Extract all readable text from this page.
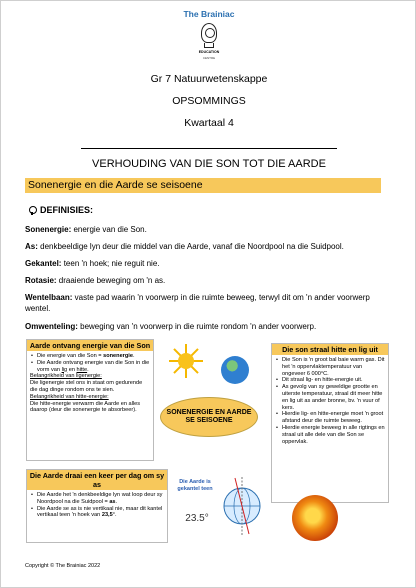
The Brainiac
EDUCATION
CENTRE
Gr 7 Natuurwetenskappe
OPSOMMINGS
Kwartaal 4
VERHOUDING VAN DIE SON TOT DIE AARDE
Sonenergie en die Aarde se seisoene
DEFINISIES:
Sonenergie: energie van die Son.
As: denkbeeldige lyn deur die middel van die Aarde, vanaf die Noordpool na die Suidpool.
Gekantel: teen 'n hoek; nie reguit nie.
Rotasie: draaiende beweging om 'n as.
Wentelbaan: vaste pad waarin 'n voorwerp in die ruimte beweeg, terwyl dit om 'n ander voorwerp wentel.
Omwenteling: beweging van 'n voorwerp in die ruimte rondom 'n ander voorwerp.
Aarde ontvang energie van die Son
• Die energie van die Son = sonenergie.
• Die Aarde ontvang energie van die Son in die vorm van lig en hitte.
Belangrikheid van ligenergie:
Die ligenergie stel ons in staat om gedurende die dag dinge rondom ons te sien.
Belangrikheid van hitte-energie:
Die hitte-energie verwarm die Aarde en alles daarop (deur die sonenergie te absorbeer).	SONENERGIE EN AARDE SE SEISOENE
Die son straal hitte en lig uit
• Die Son is 'n groot bal baie warm gas. Dit het 'n oppervlaktemperatuur van ongeveer 6 000°C.
• Dit straal lig- en hitte-energie uit.
• As gevolg van sy geweldige grootte en uiterste temperatuur, straal dit meer hitte en lig uit as ander bronne, bv. 'n vuur of kers.
• Hierdie lig- en hitte-energie moet 'n groot afstand deur die ruimte beweeg.
• Hierdie energie beweeg in alle rigtings en straal uit alle dele van die Son se oppervlak.
Die Aarde draai een keer per dag om sy as
• Die Aarde het 'n denkbeeldige lyn wat loop deur sy Noordpool na die Suidpool = as.
• Die Aarde se as is nie vertikaal nie, maar dit kantel vertikaal teen 'n hoek van 23,5°.
Die Aarde is gekantel teen
23.5°
Copyright © The Brainiac 2022
